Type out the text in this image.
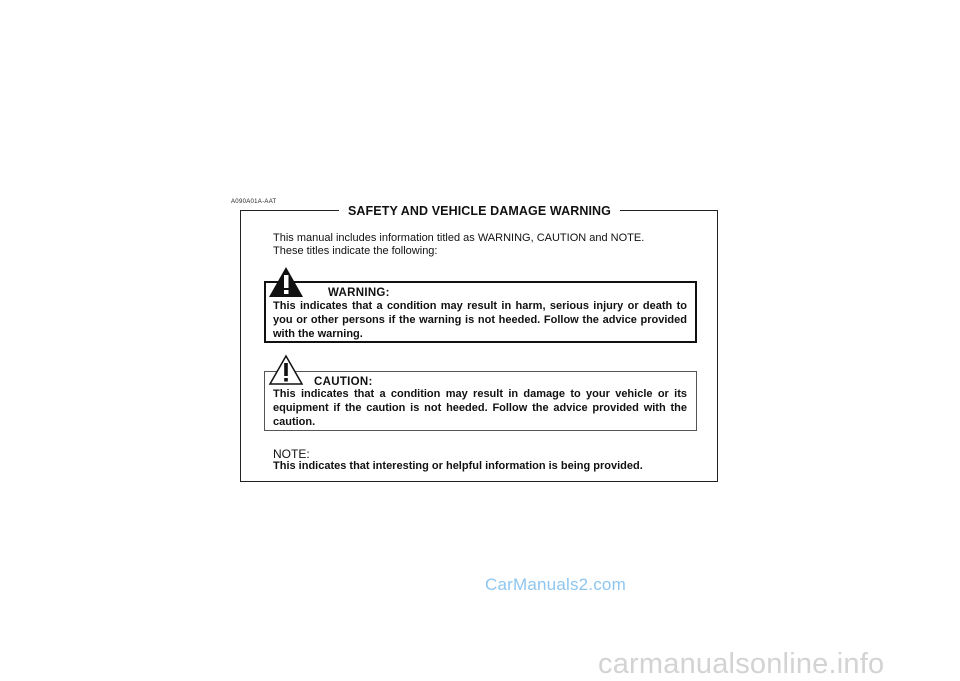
A090A01A-AAT
SAFETY AND VEHICLE DAMAGE WARNING
This manual includes information titled as WARNING, CAUTION and NOTE.
These titles indicate the following:
WARNING:
This indicates that a condition may result in harm, serious injury or death to you or other persons if the warning is not heeded. Follow the advice provided with the warning.
CAUTION:
This indicates that a condition may result in damage to your vehicle or its equipment if the caution is not heeded. Follow the advice provided with the caution.
NOTE:
This indicates that interesting or helpful information is being provided.
CarManuals2.com
carmanualsonline.info
